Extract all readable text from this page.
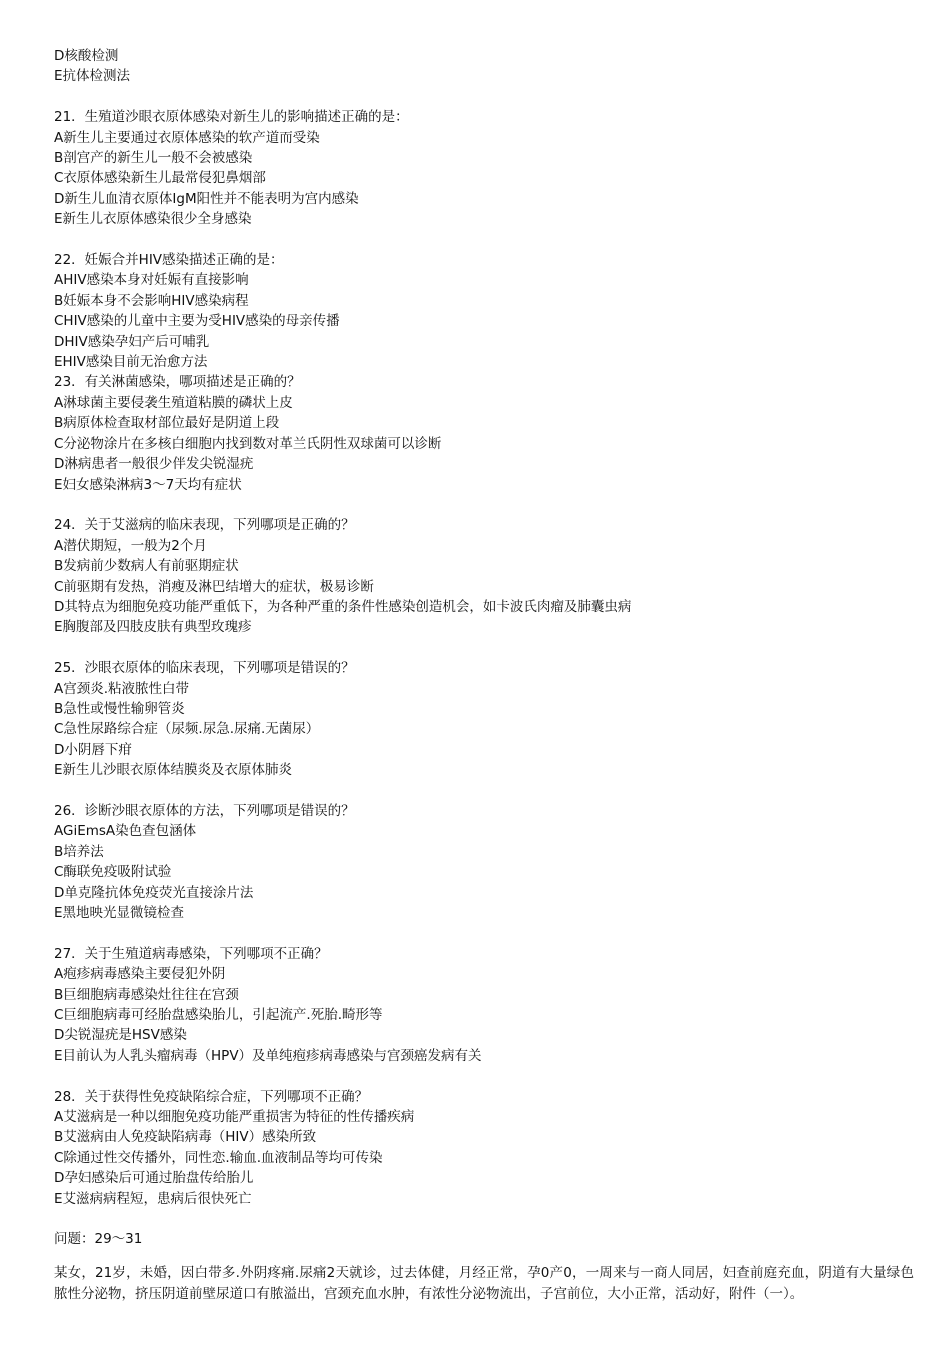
D核酸检测

E抗体检测法

21．生殖道沙眼衣原体感染对新生儿的影响描述正确的是：

A新生儿主要通过衣原体感染的软产道而受染

B剖宫产的新生儿一般不会被感染

C衣原体感染新生儿最常侵犯鼻烟部

D新生儿血清衣原体IgM阳性并不能表明为宫内感染

E新生儿衣原体感染很少全身感染

22．妊娠合并HIV感染描述正确的是：

AHIV感染本身对妊娠有直接影响

B妊娠本身不会影响HIV感染病程

CHIV感染的儿童中主要为受HIV感染的母亲传播

DHIV感染孕妇产后可哺乳

EHIV感染目前无治愈方法

23．有关淋菌感染，哪项描述是正确的？

A淋球菌主要侵袭生殖道粘膜的磷状上皮

B病原体检查取材部位最好是阴道上段

C分泌物涂片在多核白细胞内找到数对革兰氏阴性双球菌可以诊断

D淋病患者一般很少伴发尖锐湿疣

E妇女感染淋病3～7天均有症状

24．关于艾滋病的临床表现，下列哪项是正确的？

A潜伏期短，一般为2个月

B发病前少数病人有前驱期症状

C前驱期有发热，消瘦及淋巴结增大的症状，极易诊断

D其特点为细胞免疫功能严重低下，为各种严重的条件性感染创造机会，如卡波氏肉瘤及肺囊虫病

E胸腹部及四肢皮肤有典型玫瑰疹

25．沙眼衣原体的临床表现，下列哪项是错误的？

A宫颈炎.粘液脓性白带

B急性或慢性输卵管炎

C急性尿路综合症（尿频.尿急.尿痛.无菌尿）

D小阴唇下疳

E新生儿沙眼衣原体结膜炎及衣原体肺炎

26．诊断沙眼衣原体的方法，下列哪项是错误的？

AGiEmsA染色查包涵体

B培养法

C酶联免疫吸附试验

D单克隆抗体免疫荧光直接涂片法

E黑地映光显微镜检查

27．关于生殖道病毒感染，下列哪项不正确？

A疱疹病毒感染主要侵犯外阴

B巨细胞病毒感染灶往往在宫颈

C巨细胞病毒可经胎盘感染胎儿，引起流产.死胎.畸形等

D尖锐湿疣是HSV感染

E目前认为人乳头瘤病毒（HPV）及单纯疱疹病毒感染与宫颈癌发病有关

28．关于获得性免疫缺陷综合症，下列哪项不正确？

A艾滋病是一种以细胞免疫功能严重损害为特征的性传播疾病

B艾滋病由人免疫缺陷病毒（HIV）感染所致

C除通过性交传播外，同性恋.输血.血液制品等均可传染

D孕妇感染后可通过胎盘传给胎儿

E艾滋病病程短，患病后很快死亡

问题：29～31

某女，21岁，未婚，因白带多.外阴疼痛.尿痛2天就诊，过去体健，月经正常，孕0产0，一周来与一商人同居，妇查前庭充血，阴道有大量绿色脓性分泌物，挤压阴道前壁尿道口有脓溢出，宫颈充血水肿，有浓性分泌物流出，子宫前位，大小正常，活动好，附件（一）。
